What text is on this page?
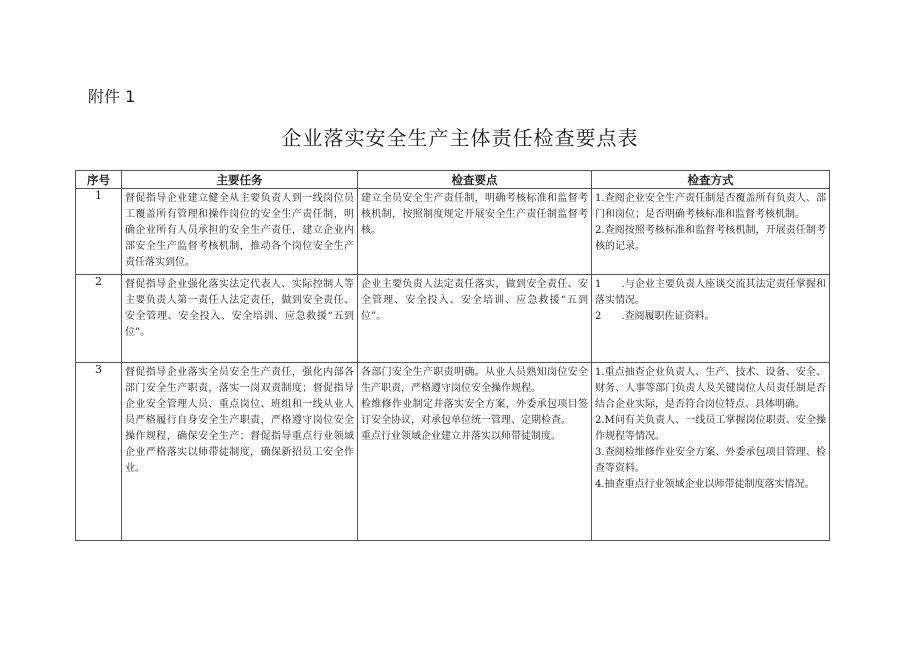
附件 1
企业落实安全生产主体责任检查要点表
序号	主要任务	检查要点	检查方式
1	督促指导企业建立健全从主要负责人到一线岗位员工覆盖所有管理和操作岗位的安全生产责任制，明确企业所有人员承担的安全生产责任，建立企业内部安全生产监督考核机制，推动各个岗位安全生产责任落实到位。	建立全员安全生产责任制，明确考核标准和监督考核机制，按照制度规定开展安全生产责任制监督考核。	1.查阅企业安全生产责任制是否覆盖所有负责人、部门和岗位；是否明确考核标准和监督考核机制。
2.查阅按照考核标准和监督考核机制，开展责任制考核的记录。

2	督促指导企业强化落实法定代表人、实际控制人等主要负责人第一责任人法定责任，做到安全责任、安全管理、安全投入、安全培训、应急救援“五到位”。	企业主要负责人法定责任落实，做到安全责任、安全管理、安全投入、安全培训、应急救援“五到位”。	1　　.与企业主要负责人座谈交流其法定责任掌握和落实情况。
2　　.查阅履职佐证资料。

3	督促指导企业落实全员安全生产责任，强化内部各部门安全生产职责，落实一岗双责制度；督促指导企业安全管理人员、重点岗位、班组和一线从业人员严格履行自身安全生产职责，严格遵守岗位安全操作规程，确保安全生产；督促指导重点行业领域企业严格落实以师带徒制度，确保新招员工安全作业。	各部门安全生产职责明确。从业人员熟知岗位安全生产职责，严格遵守岗位安全操作规程。
检维修作业制定并落实安全方案，外委承包项目签订安全协议，对承包单位统一管理、定期检查。
重点行业领域企业建立并落实以师带徒制度。	1.重点抽查企业负责人、生产、技术、设备、安全、财务、人事等部门负责人及关键岗位人员责任制是否结合企业实际，是否符合岗位特点、具体明确。
2.M问有关负责人、一线员工掌握岗位职责、安全操作规程等情况。
3.查阅检维修作业安全方案、外委承包项目管理、检查等资料。
4.抽查重点行业领域企业以师带徒制度落实情况。
